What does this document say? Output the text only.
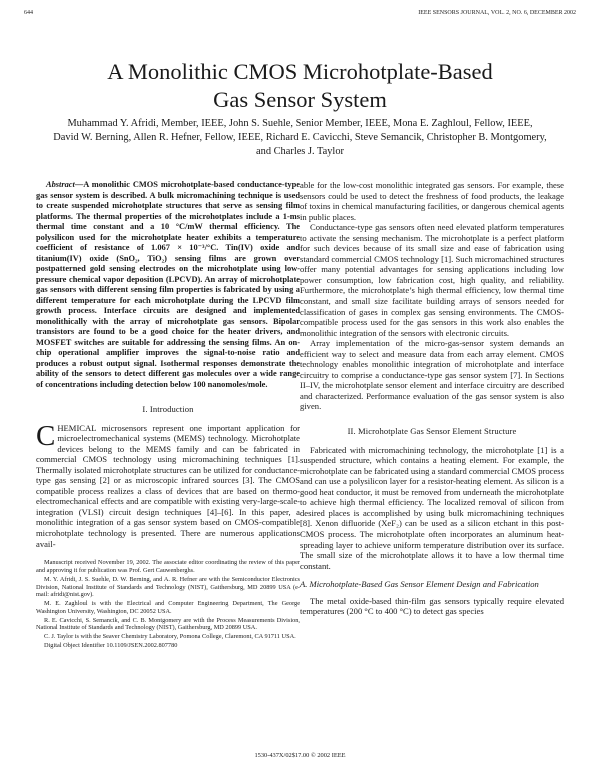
644	IEEE SENSORS JOURNAL, VOL. 2, NO. 6, DECEMBER 2002
A Monolithic CMOS Microhotplate-Based
Gas Sensor System
Muhammad Y. Afridi, Member, IEEE, John S. Suehle, Senior Member, IEEE, Mona E. Zaghloul, Fellow, IEEE,
David W. Berning, Allen R. Hefner, Fellow, IEEE, Richard E. Cavicchi, Steve Semancik, Christopher B. Montgomery,
and Charles J. Taylor

Abstract—A monolithic CMOS microhotplate-based conductance-type gas sensor system is described. A bulk micromachining technique is used to create suspended microhotplate structures that serve as sensing film platforms. The thermal properties of the microhotplates include a 1-ms thermal time constant and a 10 °C/mW thermal efficiency. The polysilicon used for the microhotplate heater exhibits a temperature coefficient of resistance of 1.067 × 10⁻³/°C. Tin(IV) oxide and titanium(IV) oxide (SnO₂, TiO₂) sensing films are grown over postpatterned gold sensing electrodes on the microhotplate using low-pressure chemical vapor deposition (LPCVD). An array of microhotplate gas sensors with different sensing film properties is fabricated by using a different temperature for each microhotplate during the LPCVD film growth process. Interface circuits are designed and implemented monolithically with the array of microhotplate gas sensors. Bipolar transistors are found to be a good choice for the heater drivers, and MOSFET switches are suitable for addressing the sensing films. An on-chip operational amplifier improves the signal-to-noise ratio and produces a robust output signal. Isothermal responses demonstrate the ability of the sensors to detect different gas molecules over a wide range of concentrations including detection below 100 nanomoles/mole.

I. Introduction

CHEMICAL microsensors represent one important application for microelectromechanical systems (MEMS) technology. Microhotplate devices belong to the MEMS family and can be fabricated in commercial CMOS technology using micromachining techniques [1]. Thermally isolated microhotplate structures can be utilized for conductance-type gas sensing [2] or as microscopic infrared sources [3]. The CMOS compatible process realizes a class of devices that are based on thermo-electromechanical effects and are compatible with existing very-large-scale-integration (VLSI) circuit design techniques [4]–[6]. In this paper, a monolithic integration of a gas sensor system based on CMOS-compatible microhotplate technology is presented. There are numerous applications avail-

Manuscript received November 19, 2002. The associate editor coordinating the review of this paper and approving it for publication was Prof. Gert Cauwenberghs.

M. Y. Afridi, J. S. Suehle, D. W. Berning, and A. R. Hefner are with the Semiconductor Electronics Division, National Institute of Standards and Technology (NIST), Gaithersburg, MD 20899 USA (e-mail: afridi@nist.gov).

M. E. Zaghloul is with the Electrical and Computer Engineering Department, The George Washington University, Washington, DC 20052 USA.

R. E. Cavicchi, S. Semancik, and C. B. Montgomery are with the Process Measurements Division, National Institute of Standards and Technology (NIST), Gaithersburg, MD 20899 USA.

C. J. Taylor is with the Seaver Chemistry Laboratory, Pomona College, Claremont, CA 91711 USA.

Digital Object Identifier 10.1109/JSEN.2002.807780

able for the low-cost monolithic integrated gas sensors. For example, these sensors could be used to detect the freshness of food products, the leakage of toxins in chemical manufacturing facilities, or dangerous chemical agents in public places.

Conductance-type gas sensors often need elevated platform temperatures to activate the sensing mechanism. The microhotplate is a perfect platform for such devices because of its small size and ease of fabrication using standard commercial CMOS technology [1]. Such micromachined structures offer many potential advantages for sensing applications including low power consumption, low fabrication cost, high quality, and reliability. Furthermore, the microhotplate’s high thermal efficiency, low thermal time constant, and small size facilitate building arrays of sensors needed for classification of gases in complex gas sensing environments. The CMOS-compatible process used for the gas sensors in this work also enables the monolithic integration of the sensors with electronic circuits.

Array implementation of the micro-gas-sensor system demands an efficient way to select and measure data from each array element. CMOS technology enables monolithic integration of microhotplate and interface circuitry to comprise a conductance-type gas sensor system [7]. In Sections II–IV, the microhotplate sensor element and interface circuitry are described and characterized. Performance evaluation of the gas sensor system is also given.

II. Microhotplate Gas Sensor Element Structure

Fabricated with micromachining technology, the microhotplate [1] is a suspended structure, which contains a heating element. For example, the microhotplate can be fabricated using a standard commercial CMOS process and can use a polysilicon layer for a resistor-heating element. As silicon is a good heat conductor, it must be removed from underneath the microhotplate to achieve high thermal efficiency. The localized removal of silicon from desired places is accomplished by using bulk micromachining techniques [8]. Xenon difluoride (XeF₂) can be used as a silicon etchant in this post-CMOS process. The microhotplate often incorporates an aluminum heat-spreading layer to achieve uniform temperature distribution over its surface. The small size of the microhotplate allows it to have a low thermal time constant.

A. Microhotplate-Based Gas Sensor Element Design and Fabrication

The metal oxide-based thin-film gas sensors typically require elevated temperatures (200 °C to 400 °C) to detect gas species

1530-437X/02$17.00 © 2002 IEEE
